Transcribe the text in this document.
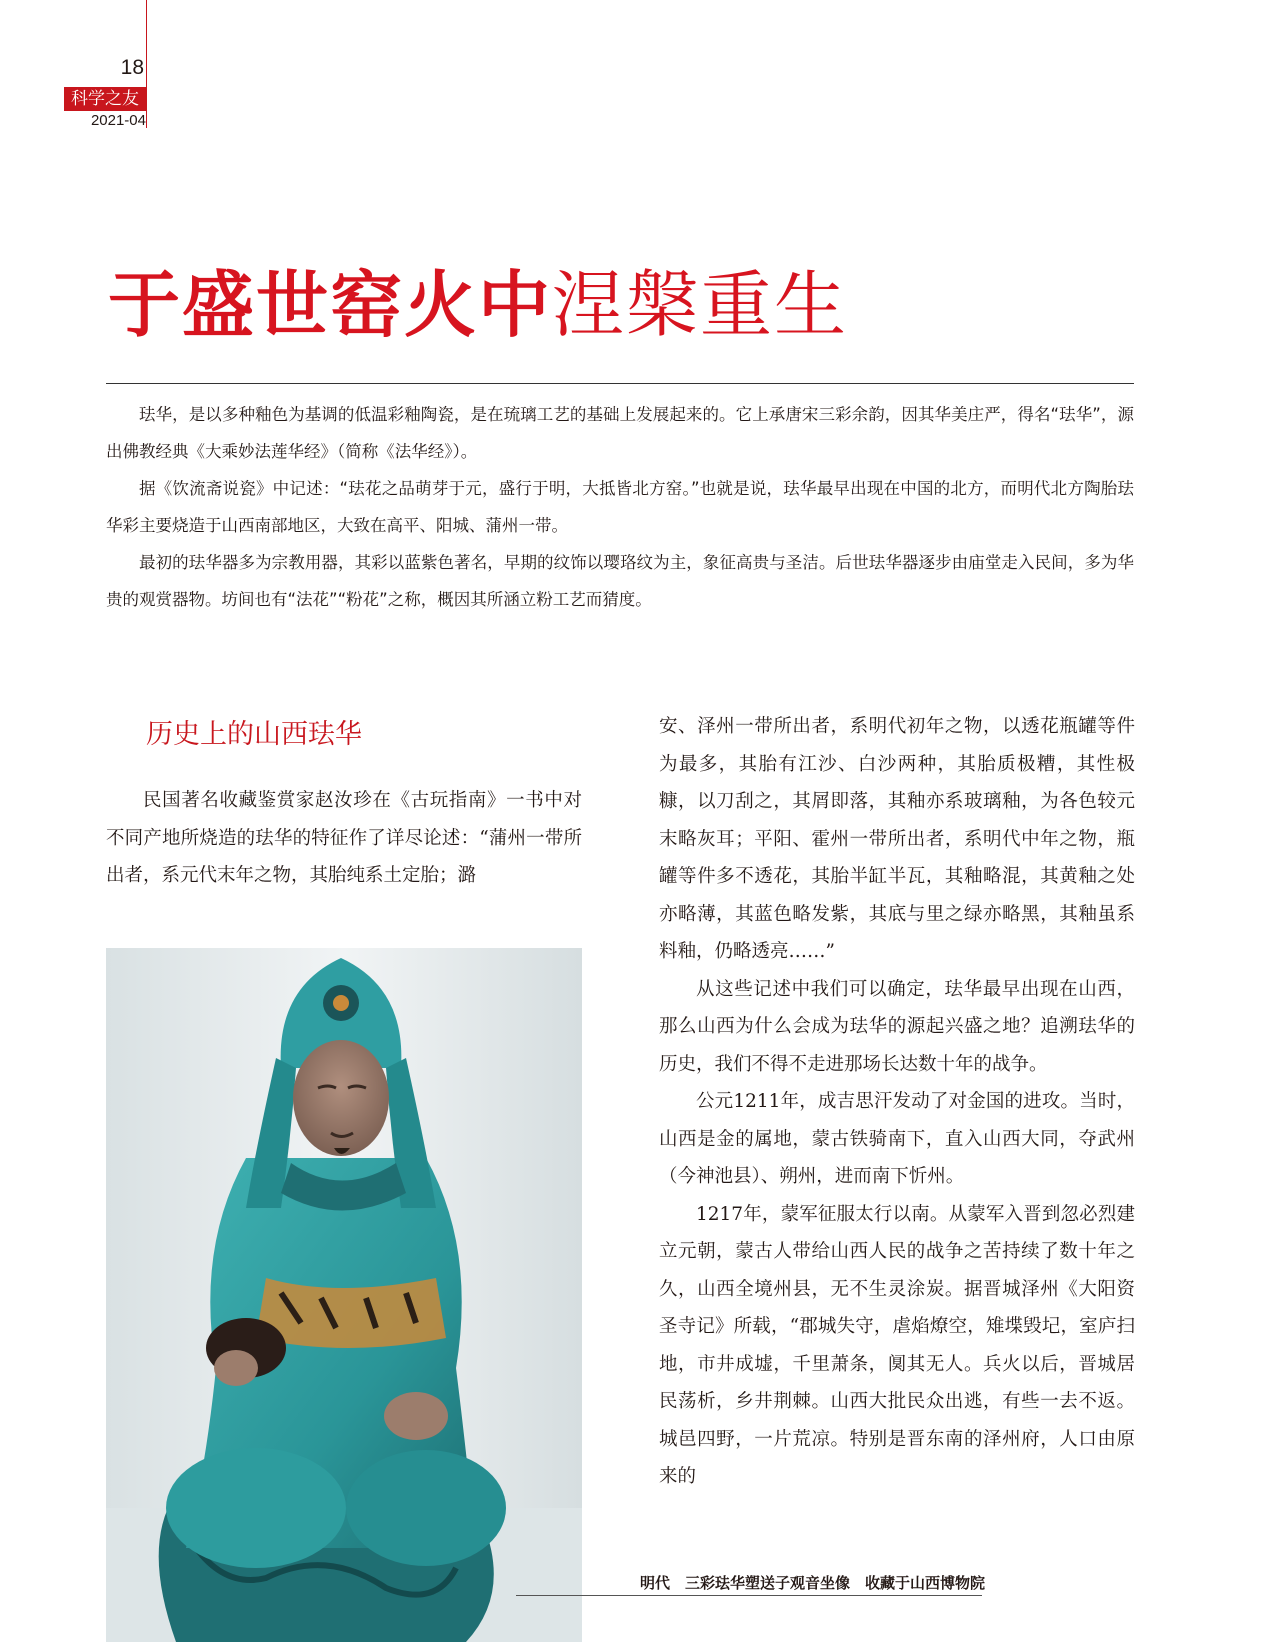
18
科学之友
2021-04
于盛世窑火中涅槃重生

珐华，是以多种釉色为基调的低温彩釉陶瓷，是在琉璃工艺的基础上发展起来的。它上承唐宋三彩余韵，因其华美庄严，得名“珐华”，源出佛教经典《大乘妙法莲华经》（简称《法华经》）。

据《饮流斋说瓷》中记述：“珐花之品萌芽于元，盛行于明，大抵皆北方窑。”也就是说，珐华最早出现在中国的北方，而明代北方陶胎珐华彩主要烧造于山西南部地区，大致在高平、阳城、蒲州一带。

最初的珐华器多为宗教用器，其彩以蓝紫色著名，早期的纹饰以璎珞纹为主，象征高贵与圣洁。后世珐华器逐步由庙堂走入民间，多为华贵的观赏器物。坊间也有“法花”“粉花”之称，概因其所涵立粉工艺而猜度。

历史上的山西珐华

民国著名收藏鉴赏家赵汝珍在《古玩指南》一书中对不同产地所烧造的珐华的特征作了详尽论述：“蒲州一带所出者，系元代末年之物，其胎纯系土定胎；潞

安、泽州一带所出者，系明代初年之物，以透花瓶罐等件为最多，其胎有江沙、白沙两种，其胎质极糟，其性极糠，以刀刮之，其屑即落，其釉亦系玻璃釉，为各色较元末略灰耳；平阳、霍州一带所出者，系明代中年之物，瓶罐等件多不透花，其胎半缸半瓦，其釉略混，其黄釉之处亦略薄，其蓝色略发紫，其底与里之绿亦略黑，其釉虽系料釉，仍略透亮……”

从这些记述中我们可以确定，珐华最早出现在山西，那么山西为什么会成为珐华的源起兴盛之地？追溯珐华的历史，我们不得不走进那场长达数十年的战争。

公元1211年，成吉思汗发动了对金国的进攻。当时，山西是金的属地，蒙古铁骑南下，直入山西大同，夺武州（今神池县）、朔州，进而南下忻州。

1217年，蒙军征服太行以南。从蒙军入晋到忽必烈建立元朝，蒙古人带给山西人民的战争之苦持续了数十年之久，山西全境州县，无不生灵涂炭。据晋城泽州《大阳资圣寺记》所载，“郡城失守，虐焰燎空，雉堞毁圮，室庐扫地，市井成墟，千里萧条，阒其无人。兵火以后，晋城居民荡析，乡井荆棘。山西大批民众出逃，有些一去不返。城邑四野，一片荒凉。特别是晋东南的泽州府，人口由原来的

明代　三彩珐华塑送子观音坐像　收藏于山西博物院
